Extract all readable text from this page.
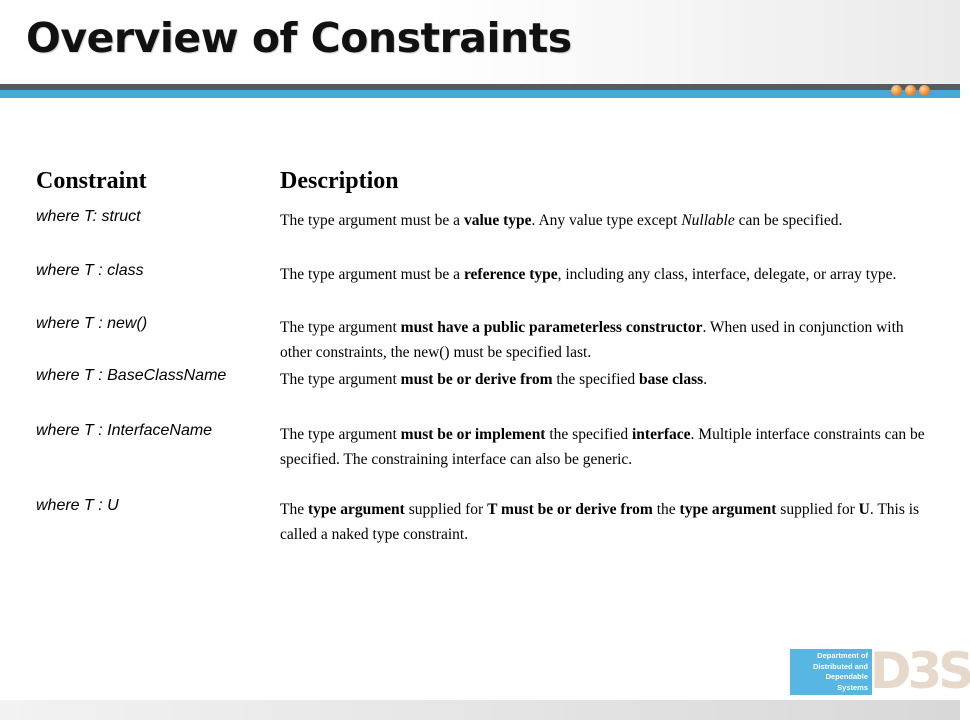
Overview of Constraints
Constraint	Description
where T: struct	The type argument must be a value type. Any value type except Nullable can be specified.
where T : class	The type argument must be a reference type, including any class, interface, delegate, or array type.
where T : new()	The type argument must have a public parameterless constructor. When used in conjunction with other constraints, the new() must be specified last.
where T : BaseClassName	The type argument must be or derive from the specified base class.
where T : InterfaceName	The type argument must be or implement the specified interface. Multiple interface constraints can be specified. The constraining interface can also be generic.
where T : U	The type argument supplied for T must be or derive from the type argument supplied for U. This is called a naked type constraint.
Department of
Distributed and
Dependable
Systems D3S
